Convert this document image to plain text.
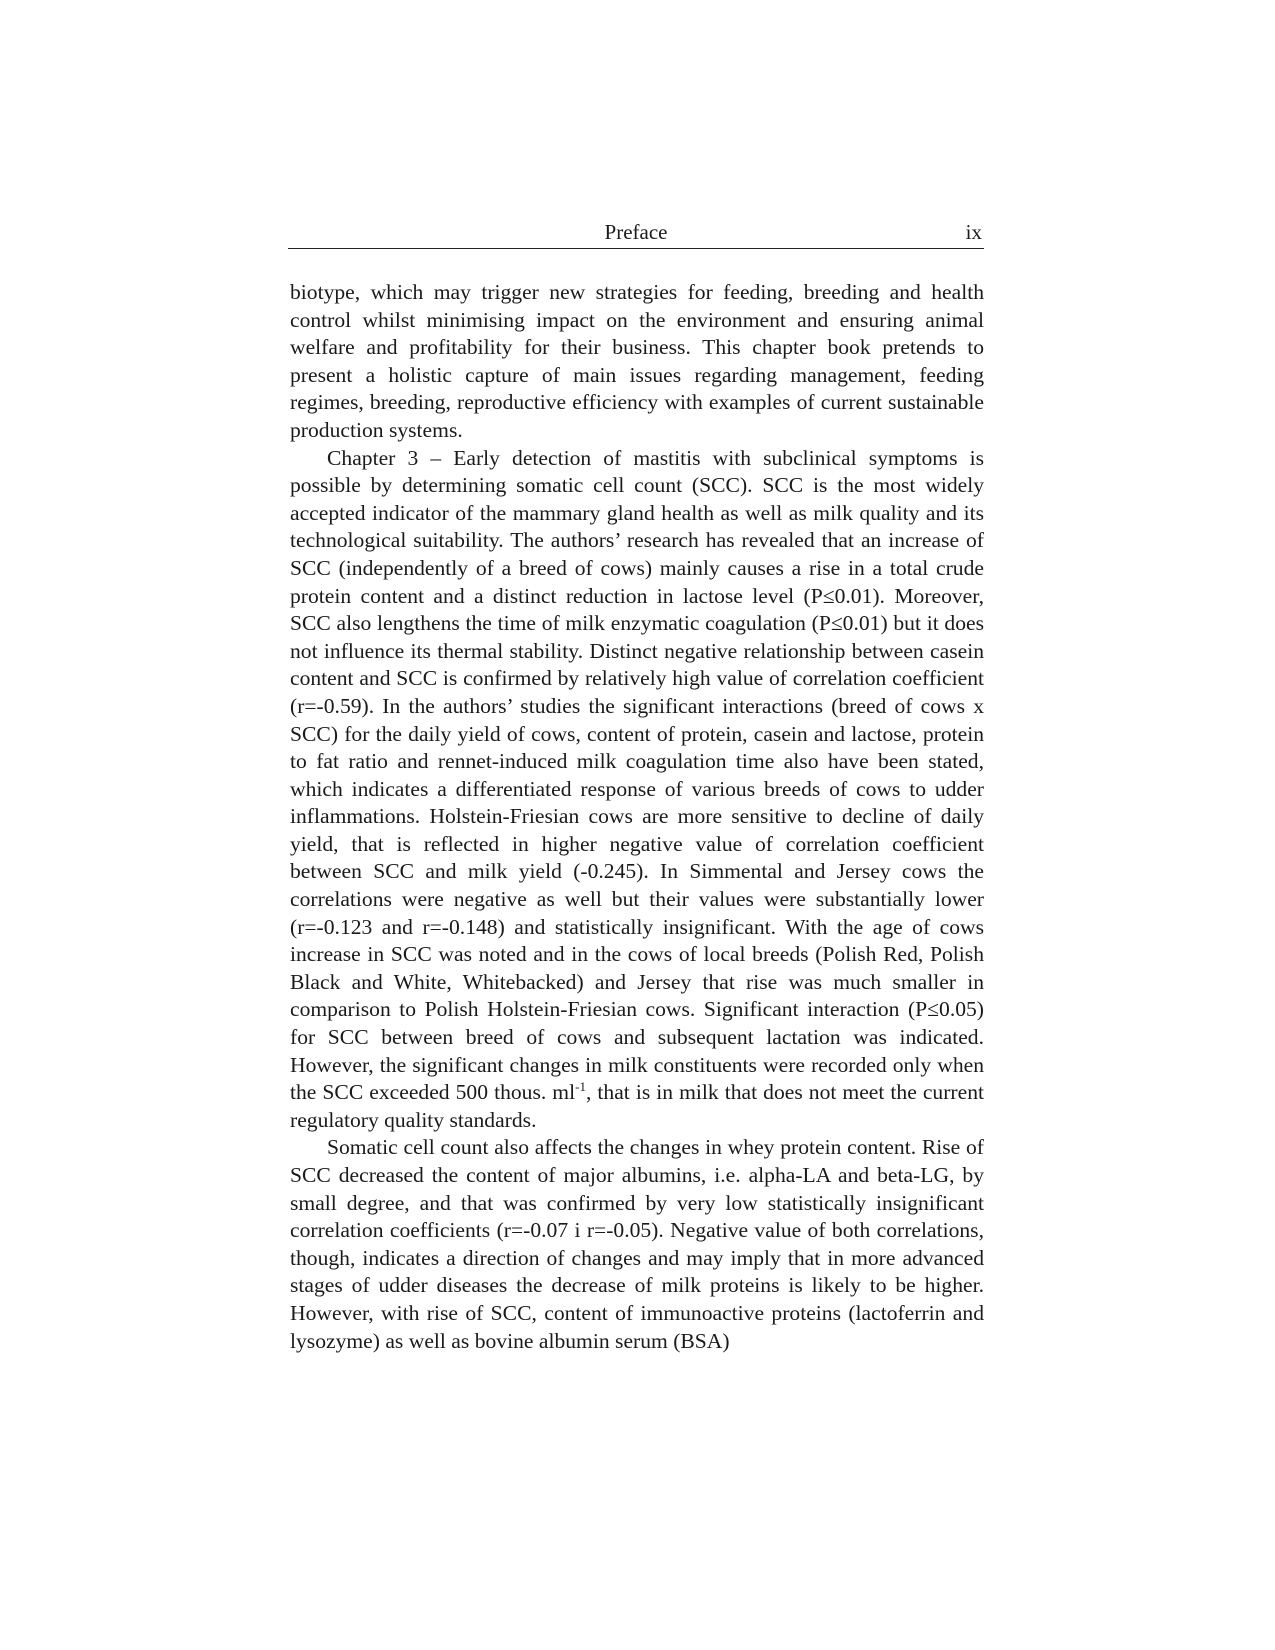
Preface	ix

biotype, which may trigger new strategies for feeding, breeding and health control whilst minimising impact on the environment and ensuring animal welfare and profitability for their business. This chapter book pretends to present a holistic capture of main issues regarding management, feeding regimes, breeding, reproductive efficiency with examples of current sustainable production systems.

Chapter 3 – Early detection of mastitis with subclinical symptoms is possible by determining somatic cell count (SCC). SCC is the most widely accepted indicator of the mammary gland health as well as milk quality and its technological suitability. The authors’ research has revealed that an increase of SCC (independently of a breed of cows) mainly causes a rise in a total crude protein content and a distinct reduction in lactose level (P≤0.01). Moreover, SCC also lengthens the time of milk enzymatic coagulation (P≤0.01) but it does not influence its thermal stability. Distinct negative relationship between casein content and SCC is confirmed by relatively high value of correlation coefficient (r=-0.59). In the authors’ studies the significant interactions (breed of cows x SCC) for the daily yield of cows, content of protein, casein and lactose, protein to fat ratio and rennet-induced milk coagulation time also have been stated, which indicates a differentiated response of various breeds of cows to udder inflammations. Holstein-Friesian cows are more sensitive to decline of daily yield, that is reflected in higher negative value of correlation coefficient between SCC and milk yield (-0.245). In Simmental and Jersey cows the correlations were negative as well but their values were substantially lower (r=-0.123 and r=-0.148) and statistically insignificant. With the age of cows increase in SCC was noted and in the cows of local breeds (Polish Red, Polish Black and White, Whitebacked) and Jersey that rise was much smaller in comparison to Polish Holstein-Friesian cows. Significant interaction (P≤0.05) for SCC between breed of cows and subsequent lactation was indicated. However, the significant changes in milk constituents were recorded only when the SCC exceeded 500 thous. $ml^{-1}$, that is in milk that does not meet the current regulatory quality standards.

Somatic cell count also affects the changes in whey protein content. Rise of SCC decreased the content of major albumins, i.e. alpha-LA and beta-LG, by small degree, and that was confirmed by very low statistically insignificant correlation coefficients (r=-0.07 i r=-0.05). Negative value of both correlations, though, indicates a direction of changes and may imply that in more advanced stages of udder diseases the decrease of milk proteins is likely to be higher. However, with rise of SCC, content of immunoactive proteins (lactoferrin and lysozyme) as well as bovine albumin serum (BSA)
